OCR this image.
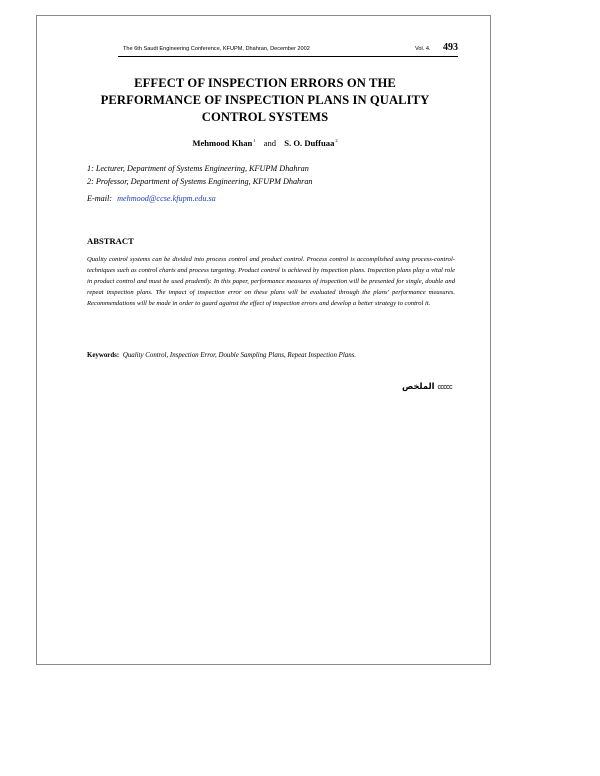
The 6th Saudi Engineering Conference, KFUPM, Dhahran, December 2002	Vol. 4. 493
EFFECT OF INSPECTION ERRORS ON THE
PERFORMANCE OF INSPECTION PLANS IN QUALITY
CONTROL SYSTEMS
Mehmood Khan$^1$ and S. O. Duffuaa$^2$
1: Lecturer, Department of Systems Engineering, KFUPM Dhahran
2: Professor, Department of Systems Engineering, KFUPM Dhahran
E-mail: mehmood@ccse.kfupm.edu.sa
ABSTRACT
Quality control systems can be divided into process control and product control. Process control is accomplished using process-control-techniques such as control charts and process targeting. Product control is achieved by inspection plans. Inspection plans play a vital role in product control and must be used prudently. In this paper, performance measures of inspection will be presented for single, double and repeat inspection plans. The impact of inspection error on these plans will be evaluated through the plans' performance measures. Recommendations will be made in order to guard against the effect of inspection errors and develop a better strategy to control it.
Keywords: Quality Control, Inspection Error, Double Sampling Plans, Repeat Inspection Plans.
الملخص ccccc
